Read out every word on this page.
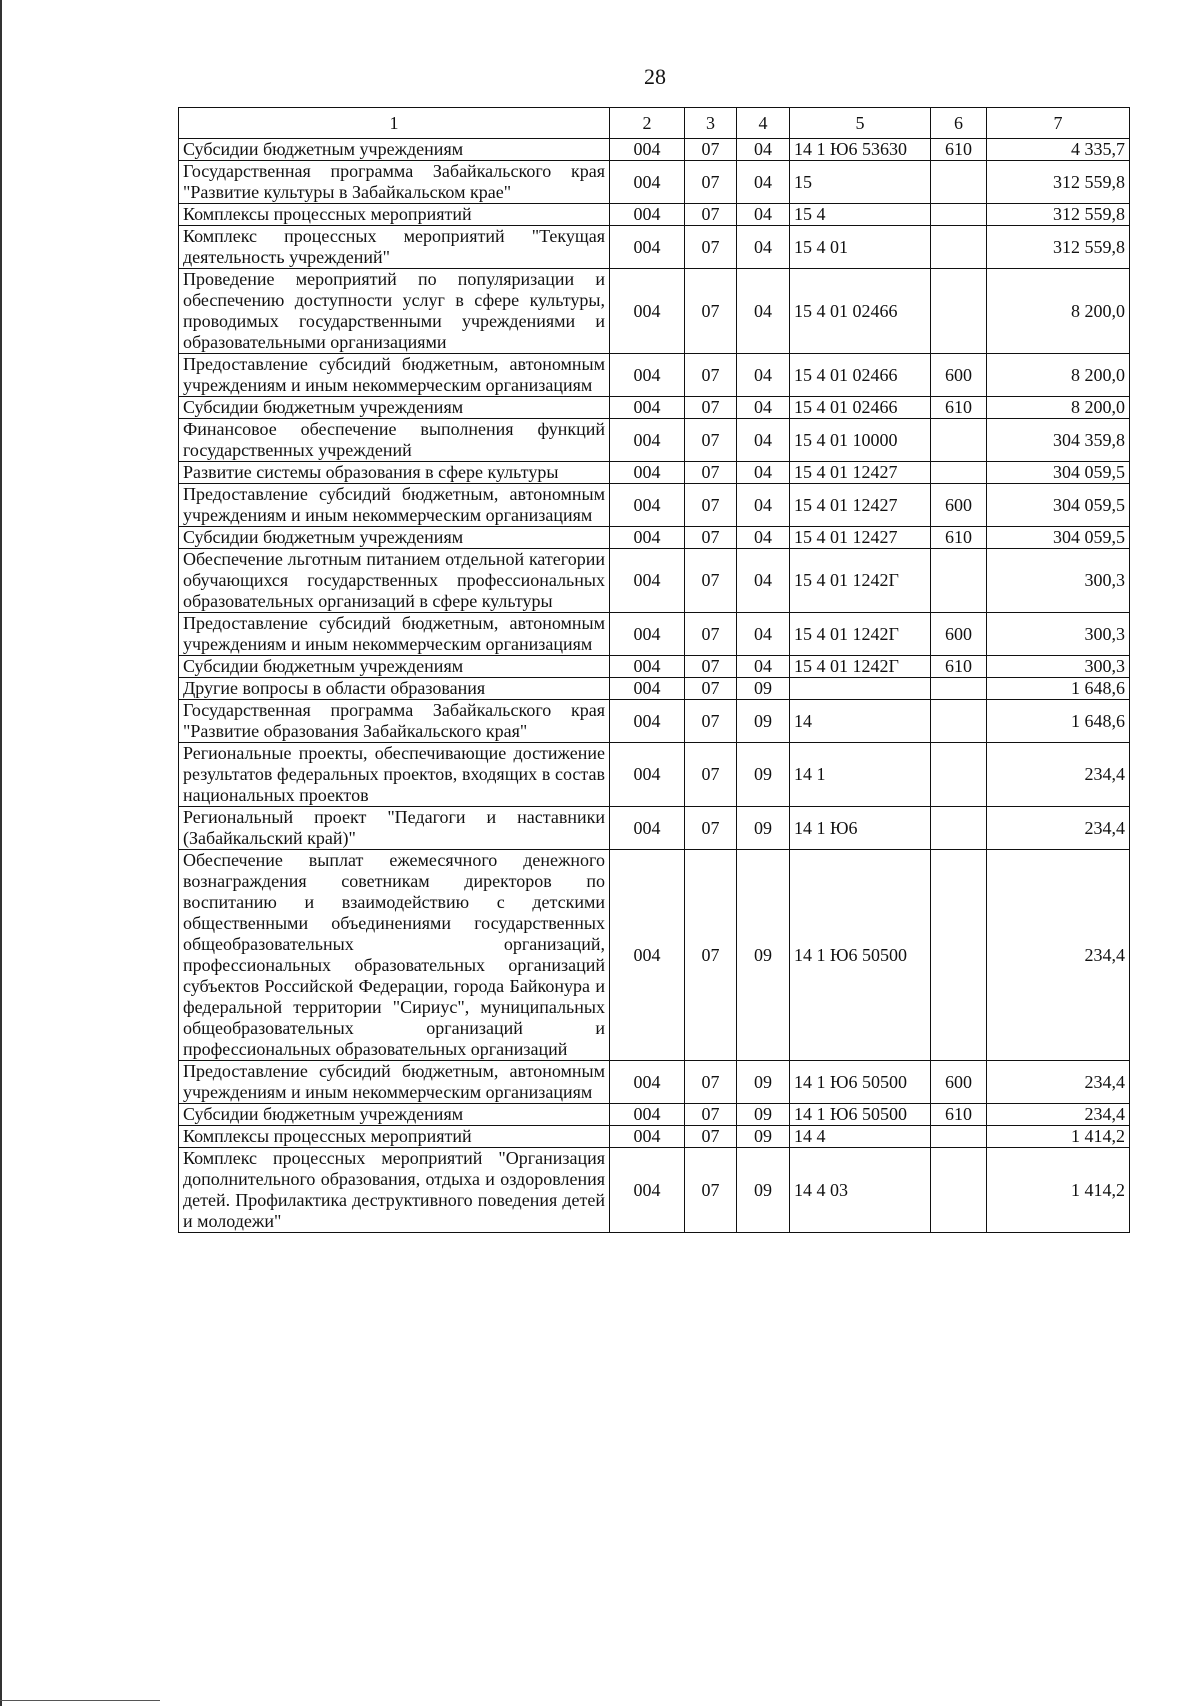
28
1	2	3	4	5	6	7
Субсидии бюджетным учреждениям	004	07	04	14 1 Ю6 53630	610	4 335,7
Государственная программа Забайкальского края "Развитие культуры в Забайкальском крае"	004	07	04	15		312 559,8
Комплексы процессных мероприятий	004	07	04	15 4		312 559,8
Комплекс процессных мероприятий "Текущая деятельность учреждений"	004	07	04	15 4 01		312 559,8
Проведение мероприятий по популяризации и обеспечению доступности услуг в сфере культуры, проводимых государственными учреждениями и образовательными организациями	004	07	04	15 4 01 02466		8 200,0
Предоставление субсидий бюджетным, автономным учреждениям и иным некоммерческим организациям	004	07	04	15 4 01 02466	600	8 200,0
Субсидии бюджетным учреждениям	004	07	04	15 4 01 02466	610	8 200,0
Финансовое обеспечение выполнения функций государственных учреждений	004	07	04	15 4 01 10000		304 359,8
Развитие системы образования в сфере культуры	004	07	04	15 4 01 12427		304 059,5
Предоставление субсидий бюджетным, автономным учреждениям и иным некоммерческим организациям	004	07	04	15 4 01 12427	600	304 059,5
Субсидии бюджетным учреждениям	004	07	04	15 4 01 12427	610	304 059,5
Обеспечение льготным питанием отдельной категории обучающихся государственных профессиональных образовательных организаций в сфере культуры	004	07	04	15 4 01 1242Г		300,3
Предоставление субсидий бюджетным, автономным учреждениям и иным некоммерческим организациям	004	07	04	15 4 01 1242Г	600	300,3
Субсидии бюджетным учреждениям	004	07	04	15 4 01 1242Г	610	300,3
Другие вопросы в области образования	004	07	09			1 648,6
Государственная программа Забайкальского края "Развитие образования Забайкальского края"	004	07	09	14		1 648,6
Региональные проекты, обеспечивающие достижение результатов федеральных проектов, входящих в состав национальных проектов	004	07	09	14 1		234,4
Региональный проект "Педагоги и наставники (Забайкальский край)"	004	07	09	14 1 Ю6		234,4
Обеспечение выплат ежемесячного денежного вознаграждения советникам директоров по воспитанию и взаимодействию с детскими общественными объединениями государственных общеобразовательных организаций, профессиональных образовательных организаций субъектов Российской Федерации, города Байконура и федеральной территории "Сириус", муниципальных общеобразовательных организаций и профессиональных образовательных организаций	004	07	09	14 1 Ю6 50500		234,4
Предоставление субсидий бюджетным, автономным учреждениям и иным некоммерческим организациям	004	07	09	14 1 Ю6 50500	600	234,4
Субсидии бюджетным учреждениям	004	07	09	14 1 Ю6 50500	610	234,4
Комплексы процессных мероприятий	004	07	09	14 4		1 414,2
Комплекс процессных мероприятий "Организация дополнительного образования, отдыха и оздоровления детей. Профилактика деструктивного поведения детей и молодежи"	004	07	09	14 4 03		1 414,2
